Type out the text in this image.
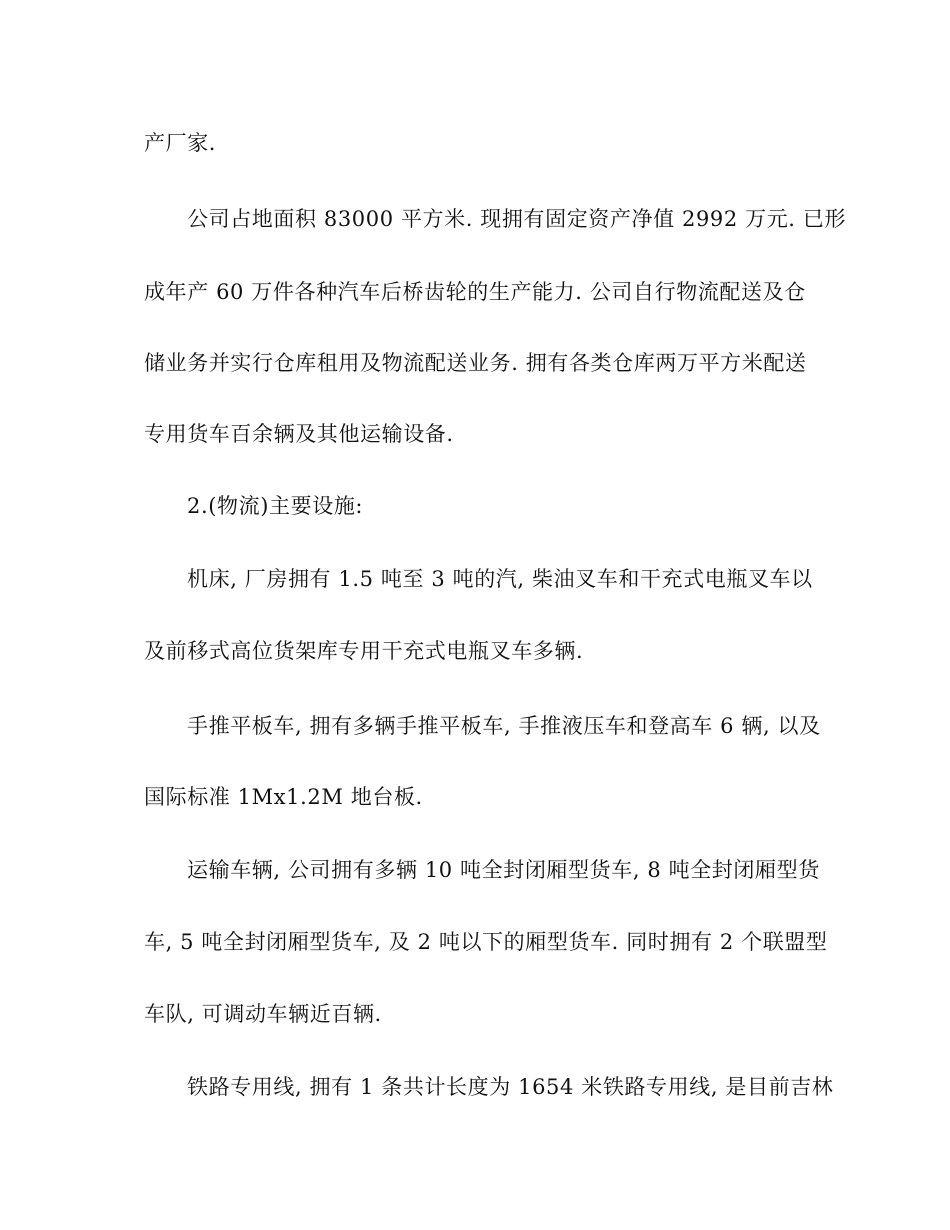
产厂家.
公司占地面积 83000 平方米. 现拥有固定资产净值 2992 万元. 已形
成年产 60 万件各种汽车后桥齿轮的生产能力. 公司自行物流配送及仓
储业务并实行仓库租用及物流配送业务. 拥有各类仓库两万平方米配送
专用货车百余辆及其他运输设备.
2.(物流)主要设施:
机床, 厂房拥有 1.5 吨至 3 吨的汽, 柴油叉车和干充式电瓶叉车以
及前移式高位货架库专用干充式电瓶叉车多辆.
手推平板车, 拥有多辆手推平板车, 手推液压车和登高车 6 辆, 以及
国际标准 1Mx1.2M 地台板.
运输车辆, 公司拥有多辆 10 吨全封闭厢型货车, 8 吨全封闭厢型货
车, 5 吨全封闭厢型货车, 及 2 吨以下的厢型货车. 同时拥有 2 个联盟型
车队, 可调动车辆近百辆.
铁路专用线, 拥有 1 条共计长度为 1654 米铁路专用线, 是目前吉林
